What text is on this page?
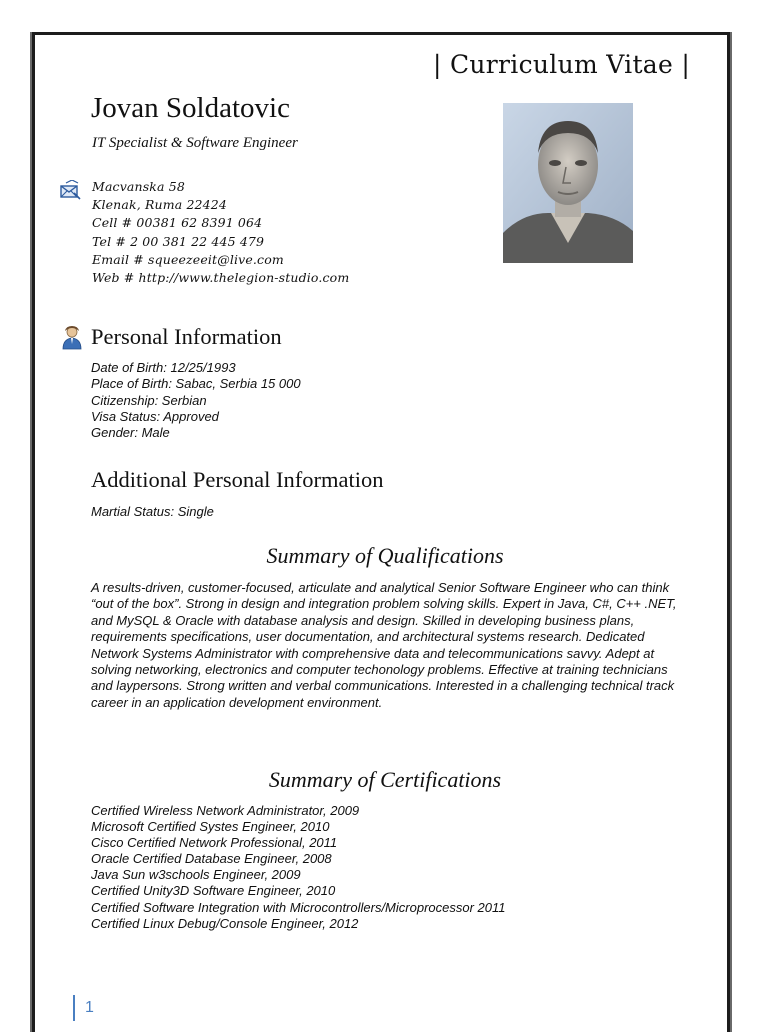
| Curriculum Vitae |
Jovan Soldatovic
IT Specialist & Software Engineer
Macvanska 58
Klenak, Ruma 22424
Cell # 00381 62 8391 064
Tel # 2 00 381 22 445 479
Email # squeezeeit@live.com
Web # http://www.thelegion-studio.com
Personal Information
Date of Birth: 12/25/1993
Place of Birth: Sabac, Serbia 15 000
Citizenship: Serbian
Visa Status: Approved
Gender: Male
Additional Personal Information
Martial Status: Single
Summary of Qualifications
A results-driven, customer-focused, articulate and analytical Senior Software Engineer who can think “out of the box”. Strong in design and integration problem solving skills. Expert in Java, C#, C++ .NET, and MySQL & Oracle with database analysis and design. Skilled in developing business plans, requirements specifications, user documentation, and architectural systems research. Dedicated Network Systems Administrator with comprehensive data and telecommunications savvy. Adept at solving networking, electronics and computer techonology problems. Effective at training technicians and laypersons. Strong written and verbal communications. Interested in a challenging technical track career in an application development environment.
Summary of Certifications
Certified Wireless Network Administrator, 2009
Microsoft Certified Systes Engineer, 2010
Cisco Certified Network Professional, 2011
Oracle Certified Database Engineer, 2008
Java Sun w3schools Engineer, 2009
Certified Unity3D Software Engineer, 2010
Certified Software Integration with Microcontrollers/Microprocessor 2011
Certified Linux Debug/Console Engineer, 2012
1
